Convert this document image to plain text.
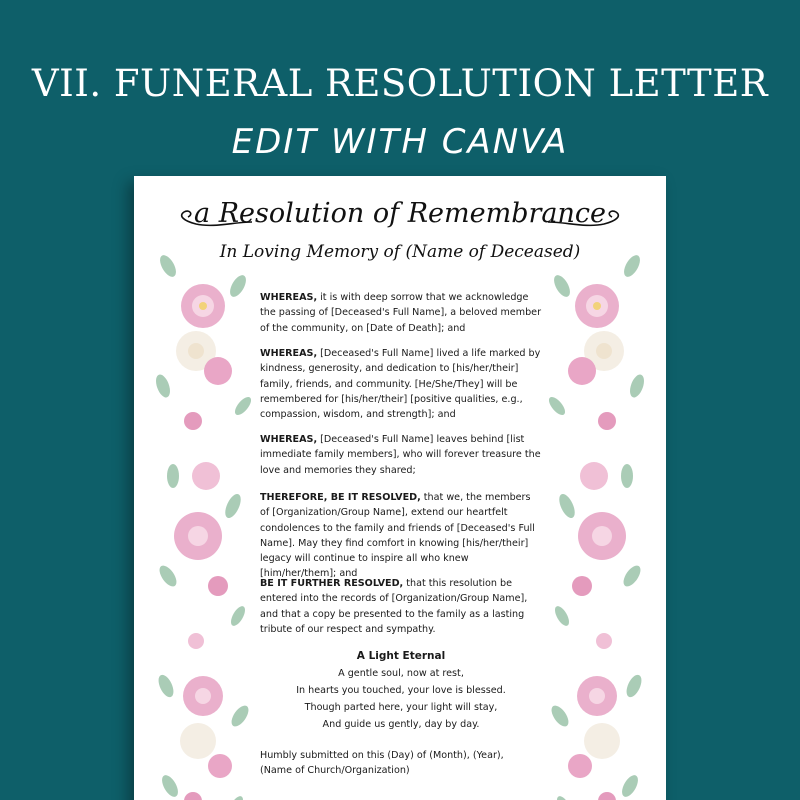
VII. FUNERAL RESOLUTION LETTER
EDIT WITH CANVA
a Resolution of Remembrance
In Loving Memory of (Name of Deceased)
WHEREAS, it is with deep sorrow that we acknowledge the passing of [Deceased's Full Name], a beloved member of the community, on [Date of Death]; and
WHEREAS, [Deceased's Full Name] lived a life marked by kindness, generosity, and dedication to [his/her/their] family, friends, and community. [He/She/They] will be remembered for [his/her/their] [positive qualities, e.g., compassion, wisdom, and strength]; and
WHEREAS, [Deceased's Full Name] leaves behind [list immediate family members], who will forever treasure the love and memories they shared;
THEREFORE, BE IT RESOLVED, that we, the members of [Organization/Group Name], extend our heartfelt condolences to the family and friends of [Deceased's Full Name]. May they find comfort in knowing [his/her/their] legacy will continue to inspire all who knew [him/her/them]; and
BE IT FURTHER RESOLVED, that this resolution be entered into the records of [Organization/Group Name], and that a copy be presented to the family as a lasting tribute of our respect and sympathy.
A Light Eternal
A gentle soul, now at rest,
In hearts you touched, your love is blessed.
Though parted here, your light will stay,
And guide us gently, day by day.
Humbly submitted on this (Day) of (Month), (Year),
(Name of Church/Organization)
